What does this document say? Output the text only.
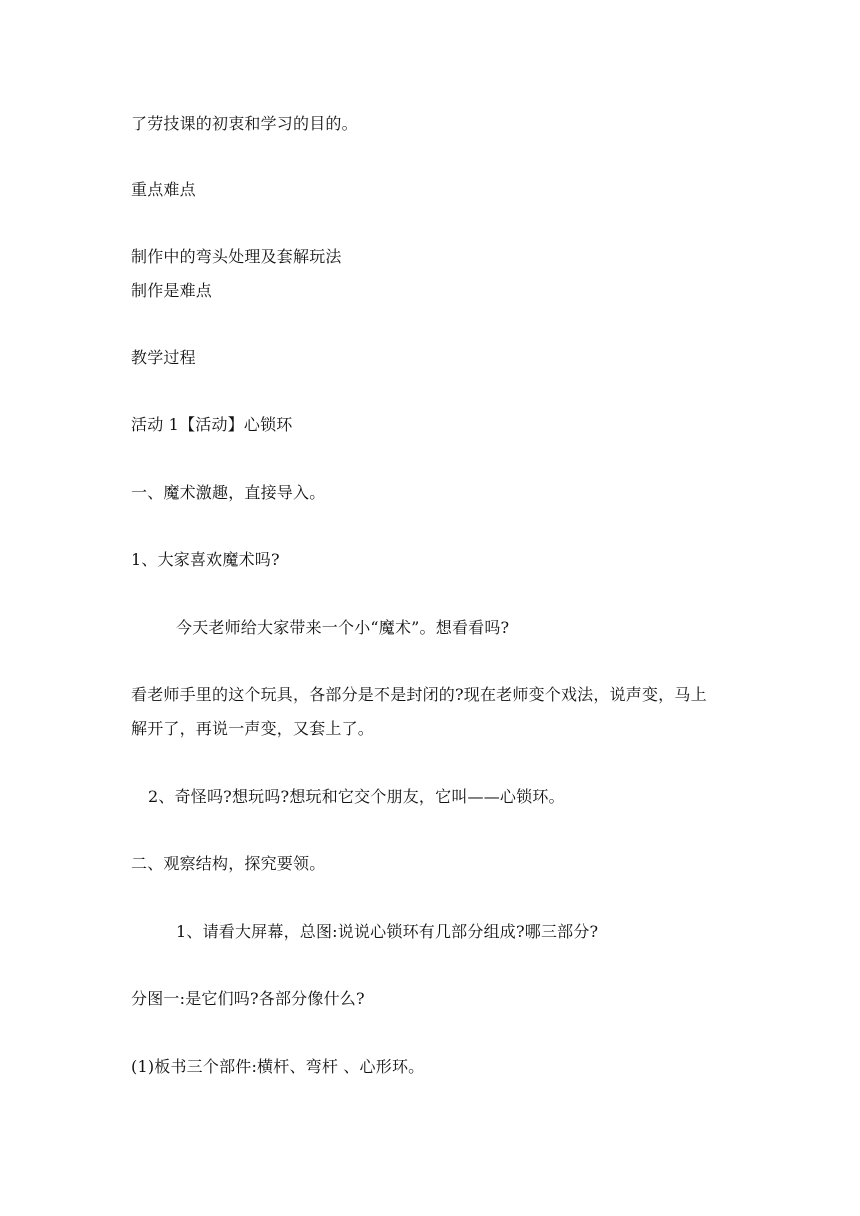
了劳技课的初衷和学习的目的。
重点难点
制作中的弯头处理及套解玩法
制作是难点
教学过程
活动 1【活动】心锁环
一、魔术激趣，直接导入。
1、大家喜欢魔术吗?
今天老师给大家带来一个小“魔术”。想看看吗?
看老师手里的这个玩具，各部分是不是封闭的?现在老师变个戏法，说声变，马上
解开了，再说一声变，又套上了。
2、奇怪吗?想玩吗?想玩和它交个朋友，它叫——心锁环。
二、观察结构，探究要领。
1、请看大屏幕，总图:说说心锁环有几部分组成?哪三部分?
分图一:是它们吗?各部分像什么?
(1)板书三个部件:横杆、弯杆 、心形环。
